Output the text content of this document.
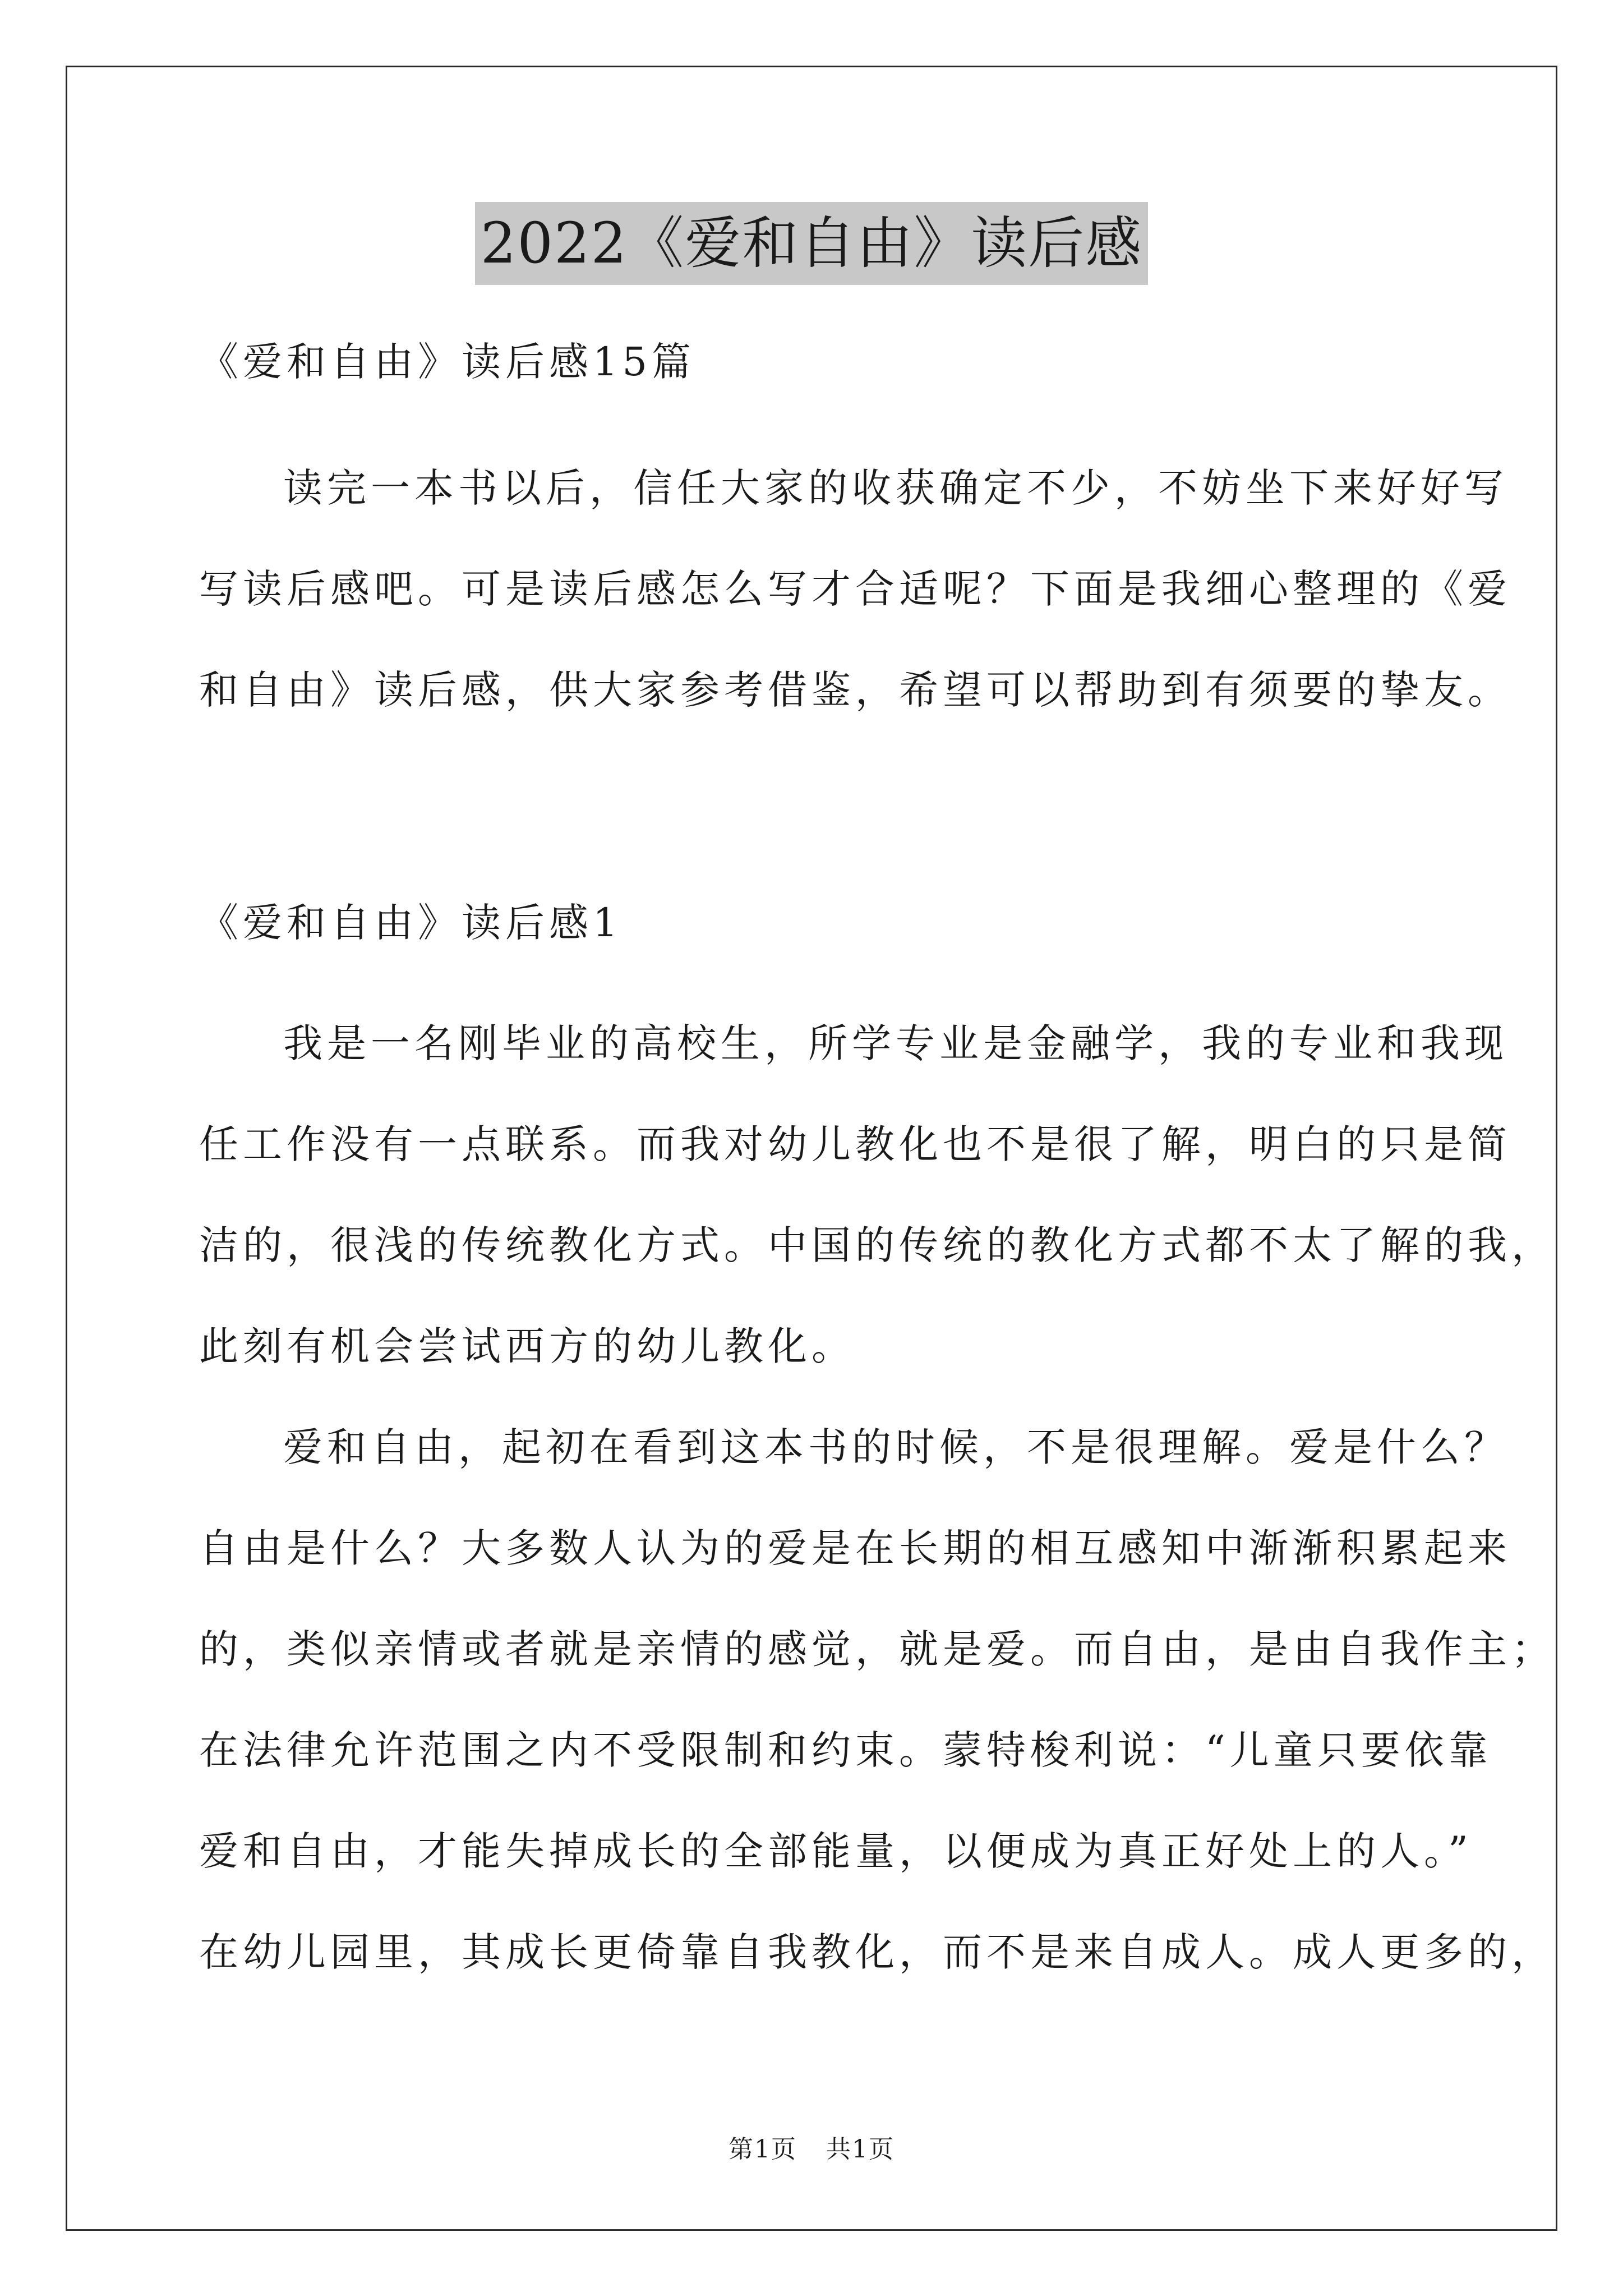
2022《爱和自由》读后感
《爱和自由》读后感15篇
读完一本书以后，信任大家的收获确定不少，不妨坐下来好好写
写读后感吧。可是读后感怎么写才合适呢？下面是我细心整理的《爱
和自由》读后感，供大家参考借鉴，希望可以帮助到有须要的挚友。
《爱和自由》读后感1
我是一名刚毕业的高校生，所学专业是金融学，我的专业和我现
任工作没有一点联系。而我对幼儿教化也不是很了解，明白的只是简
洁的，很浅的传统教化方式。中国的传统的教化方式都不太了解的我，
此刻有机会尝试西方的幼儿教化。
爱和自由，起初在看到这本书的时候，不是很理解。爱是什么？
自由是什么？大多数人认为的爱是在长期的相互感知中渐渐积累起来
的，类似亲情或者就是亲情的感觉，就是爱。而自由，是由自我作主；
在法律允许范围之内不受限制和约束。蒙特梭利说：“儿童只要依靠
爱和自由，才能失掉成长的全部能量，以便成为真正好处上的人。”
在幼儿园里，其成长更倚靠自我教化，而不是来自成人。成人更多的，
第1页 共1页
